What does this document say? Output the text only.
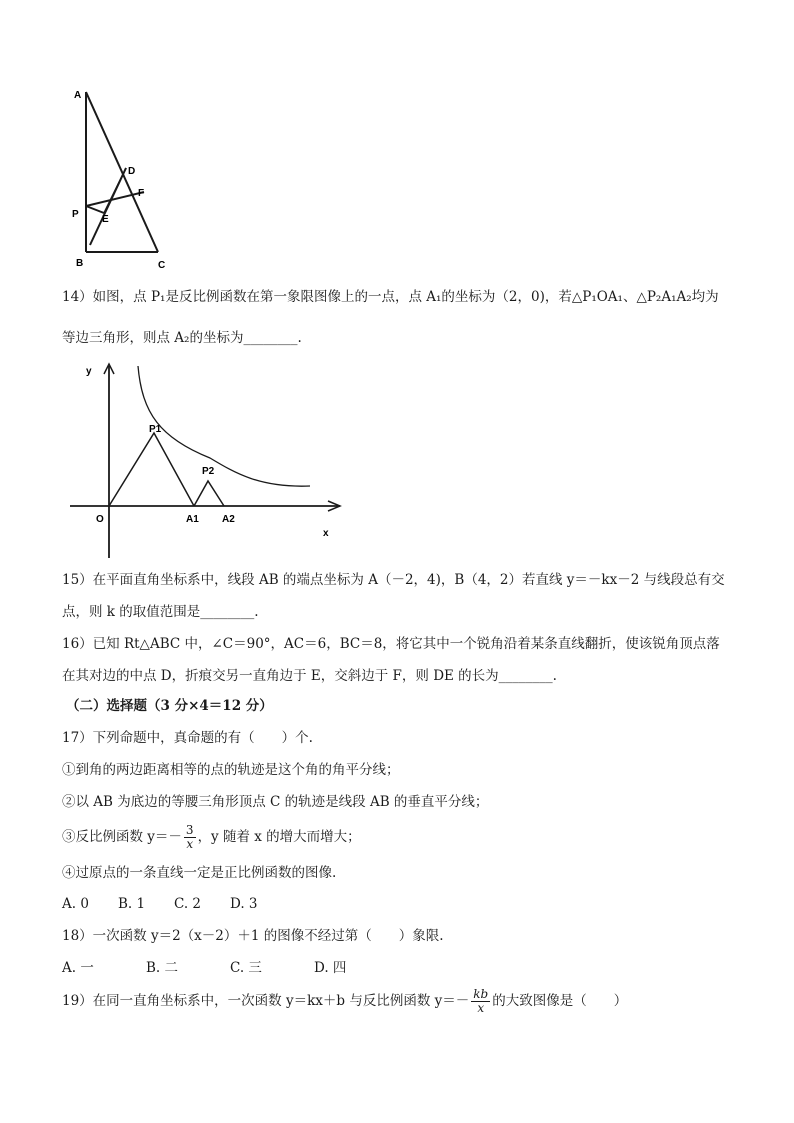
A
B	C
D
E
F
P
14）如图，点 P₁是反比例函数在第一象限图像上的一点，点 A₁的坐标为（2，0)，若△P₁OA₁、△P₂A₁A₂均为
等边三角形，则点 A₂的坐标为________.
y
x
O
P1
P2
A1 A2
15）在平面直角坐标系中，线段 AB 的端点坐标为 A（－2，4)，B（4，2）若直线 y＝－kx－2 与线段总有交
点，则 k 的取值范围是________.
16）已知 Rt△ABC 中，∠C＝90°，AC＝6，BC＝8，将它其中一个锐角沿着某条直线翻折，使该锐角顶点落
在其对边的中点 D，折痕交另一直角边于 E，交斜边于 F，则 DE 的长为________.
（二）选择题（3 分×4＝12 分）
17）下列命题中，真命题的有（　　）个.
①到角的两边距离相等的点的轨迹是这个角的角平分线；
②以 AB 为底边的等腰三角形顶点 C 的轨迹是线段 AB 的垂直平分线；
③反比例函数 $y=- \frac{3}{x}$ ，y 随着 x 的增大而增大；
④过原点的一条直线一定是正比例函数的图像.
A. 0 B. 1 C. 2 D. 3
18）一次函数 y＝2（x－2）＋1 的图像不经过第（　　）象限.
A. 一	B. 二	C. 三	D. 四
19）在同一直角坐标系中，一次函数 y＝kx＋b 与反比例函数 $y=- \frac{kb}{x}$ 的大致图像是（　　）
